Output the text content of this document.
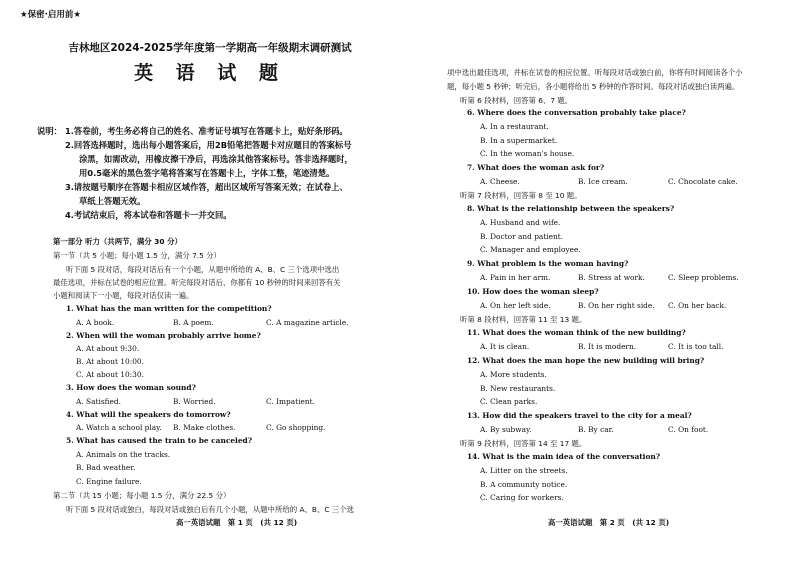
★保密·启用前★
吉林地区2024-2025学年度第一学期高一年级期末调研测试
英 语 试 题
说明： 1.答卷前，考生务必将自己的姓名、准考证号填写在答题卡上，贴好条形码。
2.回答选择题时，选出每小题答案后，用2B铅笔把答题卡对应题目的答案标号
涂黑，如需改动，用橡皮擦干净后，再选涂其他答案标号。答非选择题时，
用0.5毫米的黑色签字笔将答案写在答题卡上，字体工整，笔迹清楚。
3.请按题号顺序在答题卡相应区域作答，超出区域所写答案无效；在试卷上、
草纸上答题无效。
4.考试结束后，将本试卷和答题卡一并交回。
第一部分 听力（共两节，满分 30 分）
第一节（共 5 小题；每小题 1.5 分，满分 7.5 分）
听下面 5 段对话，每段对话后有一个小题，从题中所给的 A、B、C 三个选项中选出
最佳选项，并标在试卷的相应位置。听完每段对话后，你都有 10 秒钟的时间来回答有关
小题和阅读下一小题，每段对话仅读一遍。
1. What has the man written for the competition?
A. A book.	B. A poem.	C. A magazine article.
2. When will the woman probably arrive home?
A. At about 9:30.
B. At about 10:00.
C. At about 10:30.
3. How does the woman sound?
A. Satisfied.	B. Worried.	C. Impatient.
4. What will the speakers do tomorrow?
A. Watch a school play. B. Make clothes.	C. Go shopping.
5. What has caused the train to be canceled?
A. Animals on the tracks.
B. Bad weather.
C. Engine failure.
第二节（共 15 小题；每小题 1.5 分，满分 22.5 分）
听下面 5 段对话或独白，每段对话或独白后有几个小题，从题中所给的 A、B、C 三个选
高一英语试题　第 1 页　(共 12 页)
项中选出最佳选项，并标在试卷的相应位置。听每段对话或独白前，你将有时间阅读各个小
题，每小题 5 秒钟；听完后，各小题将给出 5 秒钟的作答时间。每段对话或独白读两遍。
听第 6 段材料，回答第 6、7 题。
6. Where does the conversation probably take place?
A. In a restaurant.
B. In a supermarket.
C. In the woman's house.
7. What does the woman ask for?
A. Cheese.	B. Ice cream.	C. Chocolate cake.
听第 7 段材料，回答第 8 至 10 题。
8. What is the relationship between the speakers?
A. Husband and wife.
B. Doctor and patient.
C. Manager and employee.
9. What problem is the woman having?
A. Pain in her arm.	B. Stress at work.	C. Sleep problems.
10. How does the woman sleep?
A. On her left side.	B. On her right side. C. On her back.
听第 8 段材料，回答第 11 至 13 题。
11. What does the woman think of the new building?
A. It is clean.	B. It is modern.	C. It is too tall.
12. What does the man hope the new building will bring?
A. More students.
B. New restaurants.
C. Clean parks.
13. How did the speakers travel to the city for a meal?
A. By subway.	B. By car.	C. On foot.
听第 9 段材料，回答第 14 至 17 题。
14. What is the main idea of the conversation?
A. Litter on the streets.
B. A community notice.
C. Caring for workers.
高一英语试题　第 2 页　(共 12 页)
